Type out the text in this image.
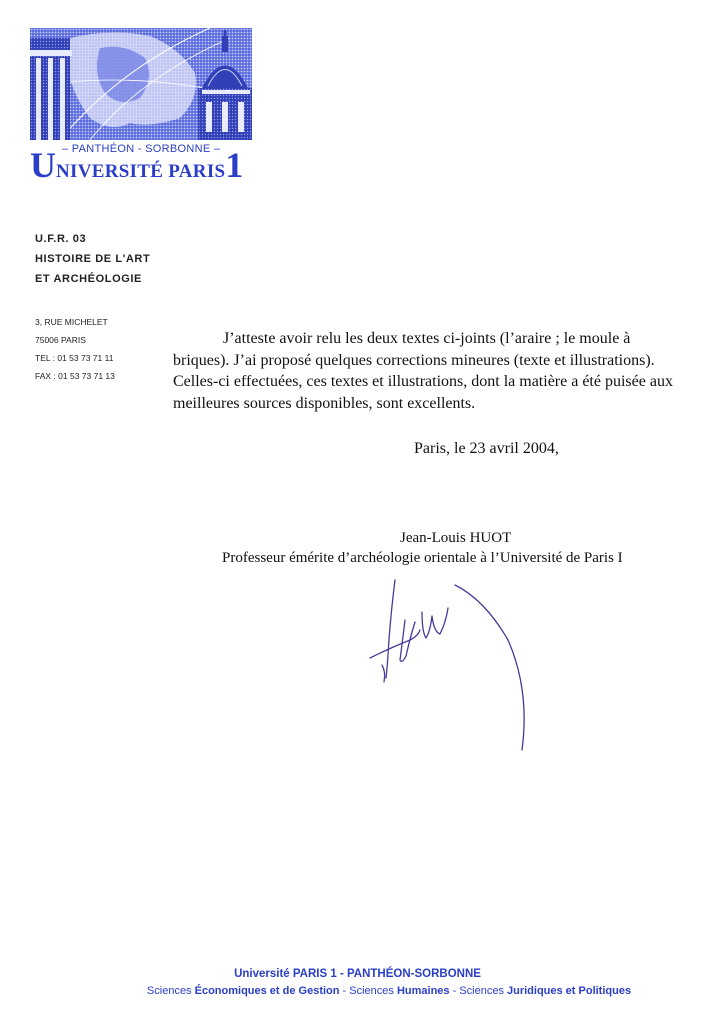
– PANTHÉON - SORBONNE –
UNIVERSITÉ PARIS1
U.F.R. 03
HISTOIRE DE L'ART
ET ARCHÉOLOGIE
3, RUE MICHELET
75006 PARIS
TEL : 01 53 73 71 11
FAX : 01 53 73 71 13
J’atteste avoir relu les deux textes ci-joints (l’araire ; le moule à
briques). J’ai proposé quelques corrections mineures (texte et illustrations).
Celles-ci effectuées, ces textes et illustrations, dont la matière a été puisée aux
meilleures sources disponibles, sont excellents.
Paris, le 23 avril 2004,
Jean-Louis HUOT
Professeur émérite d’archéologie orientale à l’Université de Paris I
Université PARIS 1 - PANTHÉON-SORBONNE
Sciences Économiques et de Gestion - Sciences Humaines - Sciences Juridiques et Politiques
